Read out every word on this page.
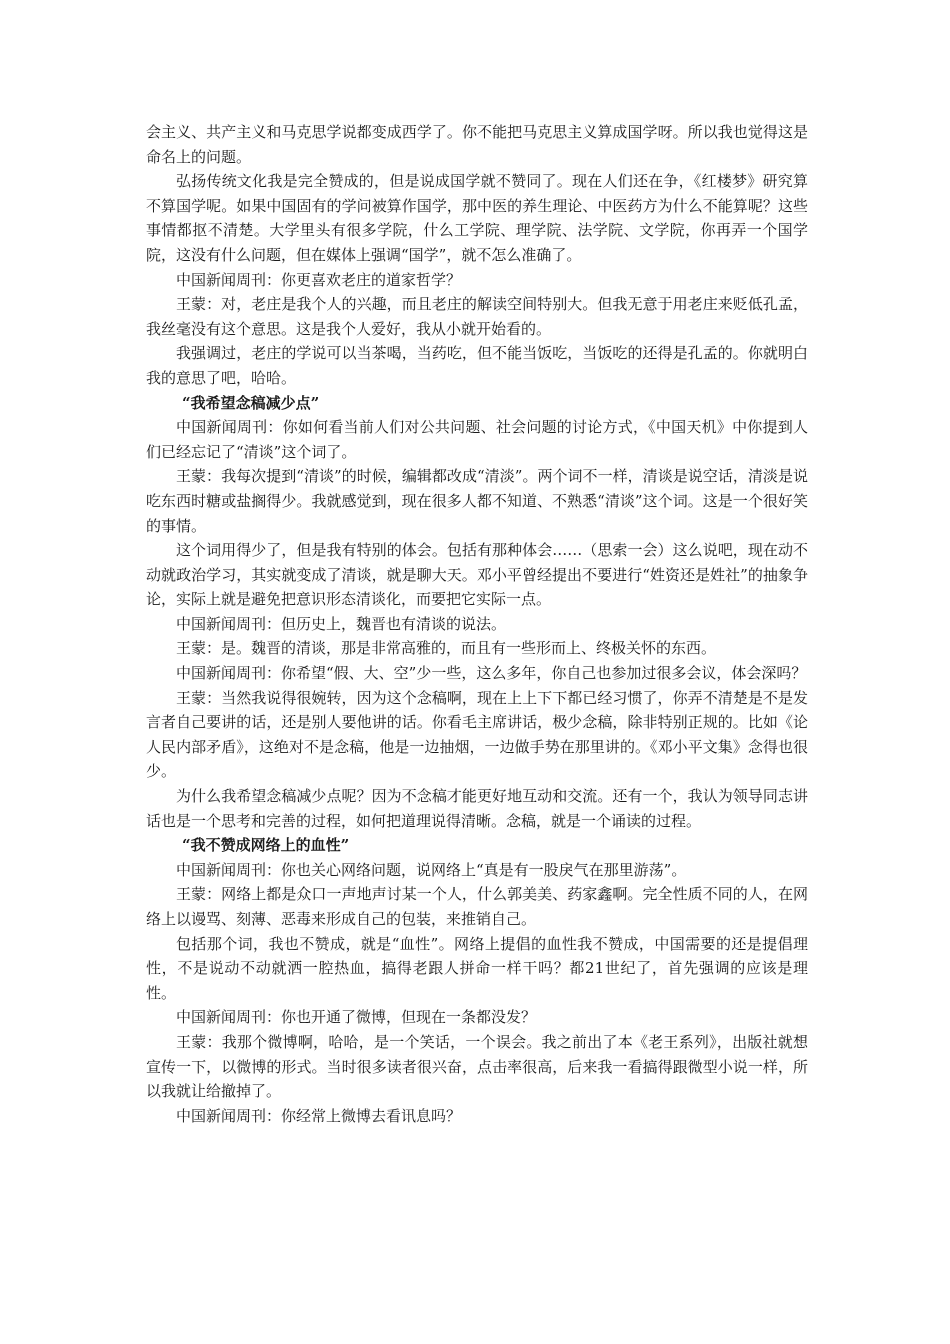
会主义、共产主义和马克思学说都变成西学了。你不能把马克思主义算成国学呀。所以我也觉得这是命名上的问题。

弘扬传统文化我是完全赞成的，但是说成国学就不赞同了。现在人们还在争，《红楼梦》研究算不算国学呢。如果中国固有的学问被算作国学，那中医的养生理论、中医药方为什么不能算呢？这些事情都抠不清楚。大学里头有很多学院，什么工学院、理学院、法学院、文学院，你再弄一个国学院，这没有什么问题，但在媒体上强调“国学”，就不怎么准确了。

中国新闻周刊：你更喜欢老庄的道家哲学？

王蒙：对，老庄是我个人的兴趣，而且老庄的解读空间特别大。但我无意于用老庄来贬低孔孟，我丝毫没有这个意思。这是我个人爱好，我从小就开始看的。

我强调过，老庄的学说可以当茶喝，当药吃，但不能当饭吃，当饭吃的还得是孔孟的。你就明白我的意思了吧，哈哈。

“我希望念稿减少点”

中国新闻周刊：你如何看当前人们对公共问题、社会问题的讨论方式，《中国天机》中你提到人们已经忘记了“清谈”这个词了。

王蒙：我每次提到“清谈”的时候，编辑都改成“清淡”。两个词不一样，清谈是说空话，清淡是说吃东西时糖或盐搁得少。我就感觉到，现在很多人都不知道、不熟悉“清谈”这个词。这是一个很好笑的事情。

这个词用得少了，但是我有特别的体会。包括有那种体会……（思索一会）这么说吧，现在动不动就政治学习，其实就变成了清谈，就是聊大天。邓小平曾经提出不要进行“姓资还是姓社”的抽象争论，实际上就是避免把意识形态清谈化，而要把它实际一点。

中国新闻周刊：但历史上，魏晋也有清谈的说法。

王蒙：是。魏晋的清谈，那是非常高雅的，而且有一些形而上、终极关怀的东西。

中国新闻周刊：你希望“假、大、空”少一些，这么多年，你自己也参加过很多会议，体会深吗？

王蒙：当然我说得很婉转，因为这个念稿啊，现在上上下下都已经习惯了，你弄不清楚是不是发言者自己要讲的话，还是别人要他讲的话。你看毛主席讲话，极少念稿，除非特别正规的。比如《论人民内部矛盾》，这绝对不是念稿，他是一边抽烟，一边做手势在那里讲的。《邓小平文集》念得也很少。

为什么我希望念稿减少点呢？因为不念稿才能更好地互动和交流。还有一个，我认为领导同志讲话也是一个思考和完善的过程，如何把道理说得清晰。念稿，就是一个诵读的过程。

“我不赞成网络上的血性”

中国新闻周刊：你也关心网络问题，说网络上“真是有一股戾气在那里游荡”。

王蒙：网络上都是众口一声地声讨某一个人，什么郭美美、药家鑫啊。完全性质不同的人，在网络上以谩骂、刻薄、恶毒来形成自己的包装，来推销自己。

包括那个词，我也不赞成，就是“血性”。网络上提倡的血性我不赞成，中国需要的还是提倡理性，不是说动不动就洒一腔热血，搞得老跟人拼命一样干吗？都21世纪了，首先强调的应该是理性。

中国新闻周刊：你也开通了微博，但现在一条都没发？

王蒙：我那个微博啊，哈哈，是一个笑话，一个误会。我之前出了本《老王系列》，出版社就想宣传一下，以微博的形式。当时很多读者很兴奋，点击率很高，后来我一看搞得跟微型小说一样，所以我就让给撤掉了。

中国新闻周刊：你经常上微博去看讯息吗？
